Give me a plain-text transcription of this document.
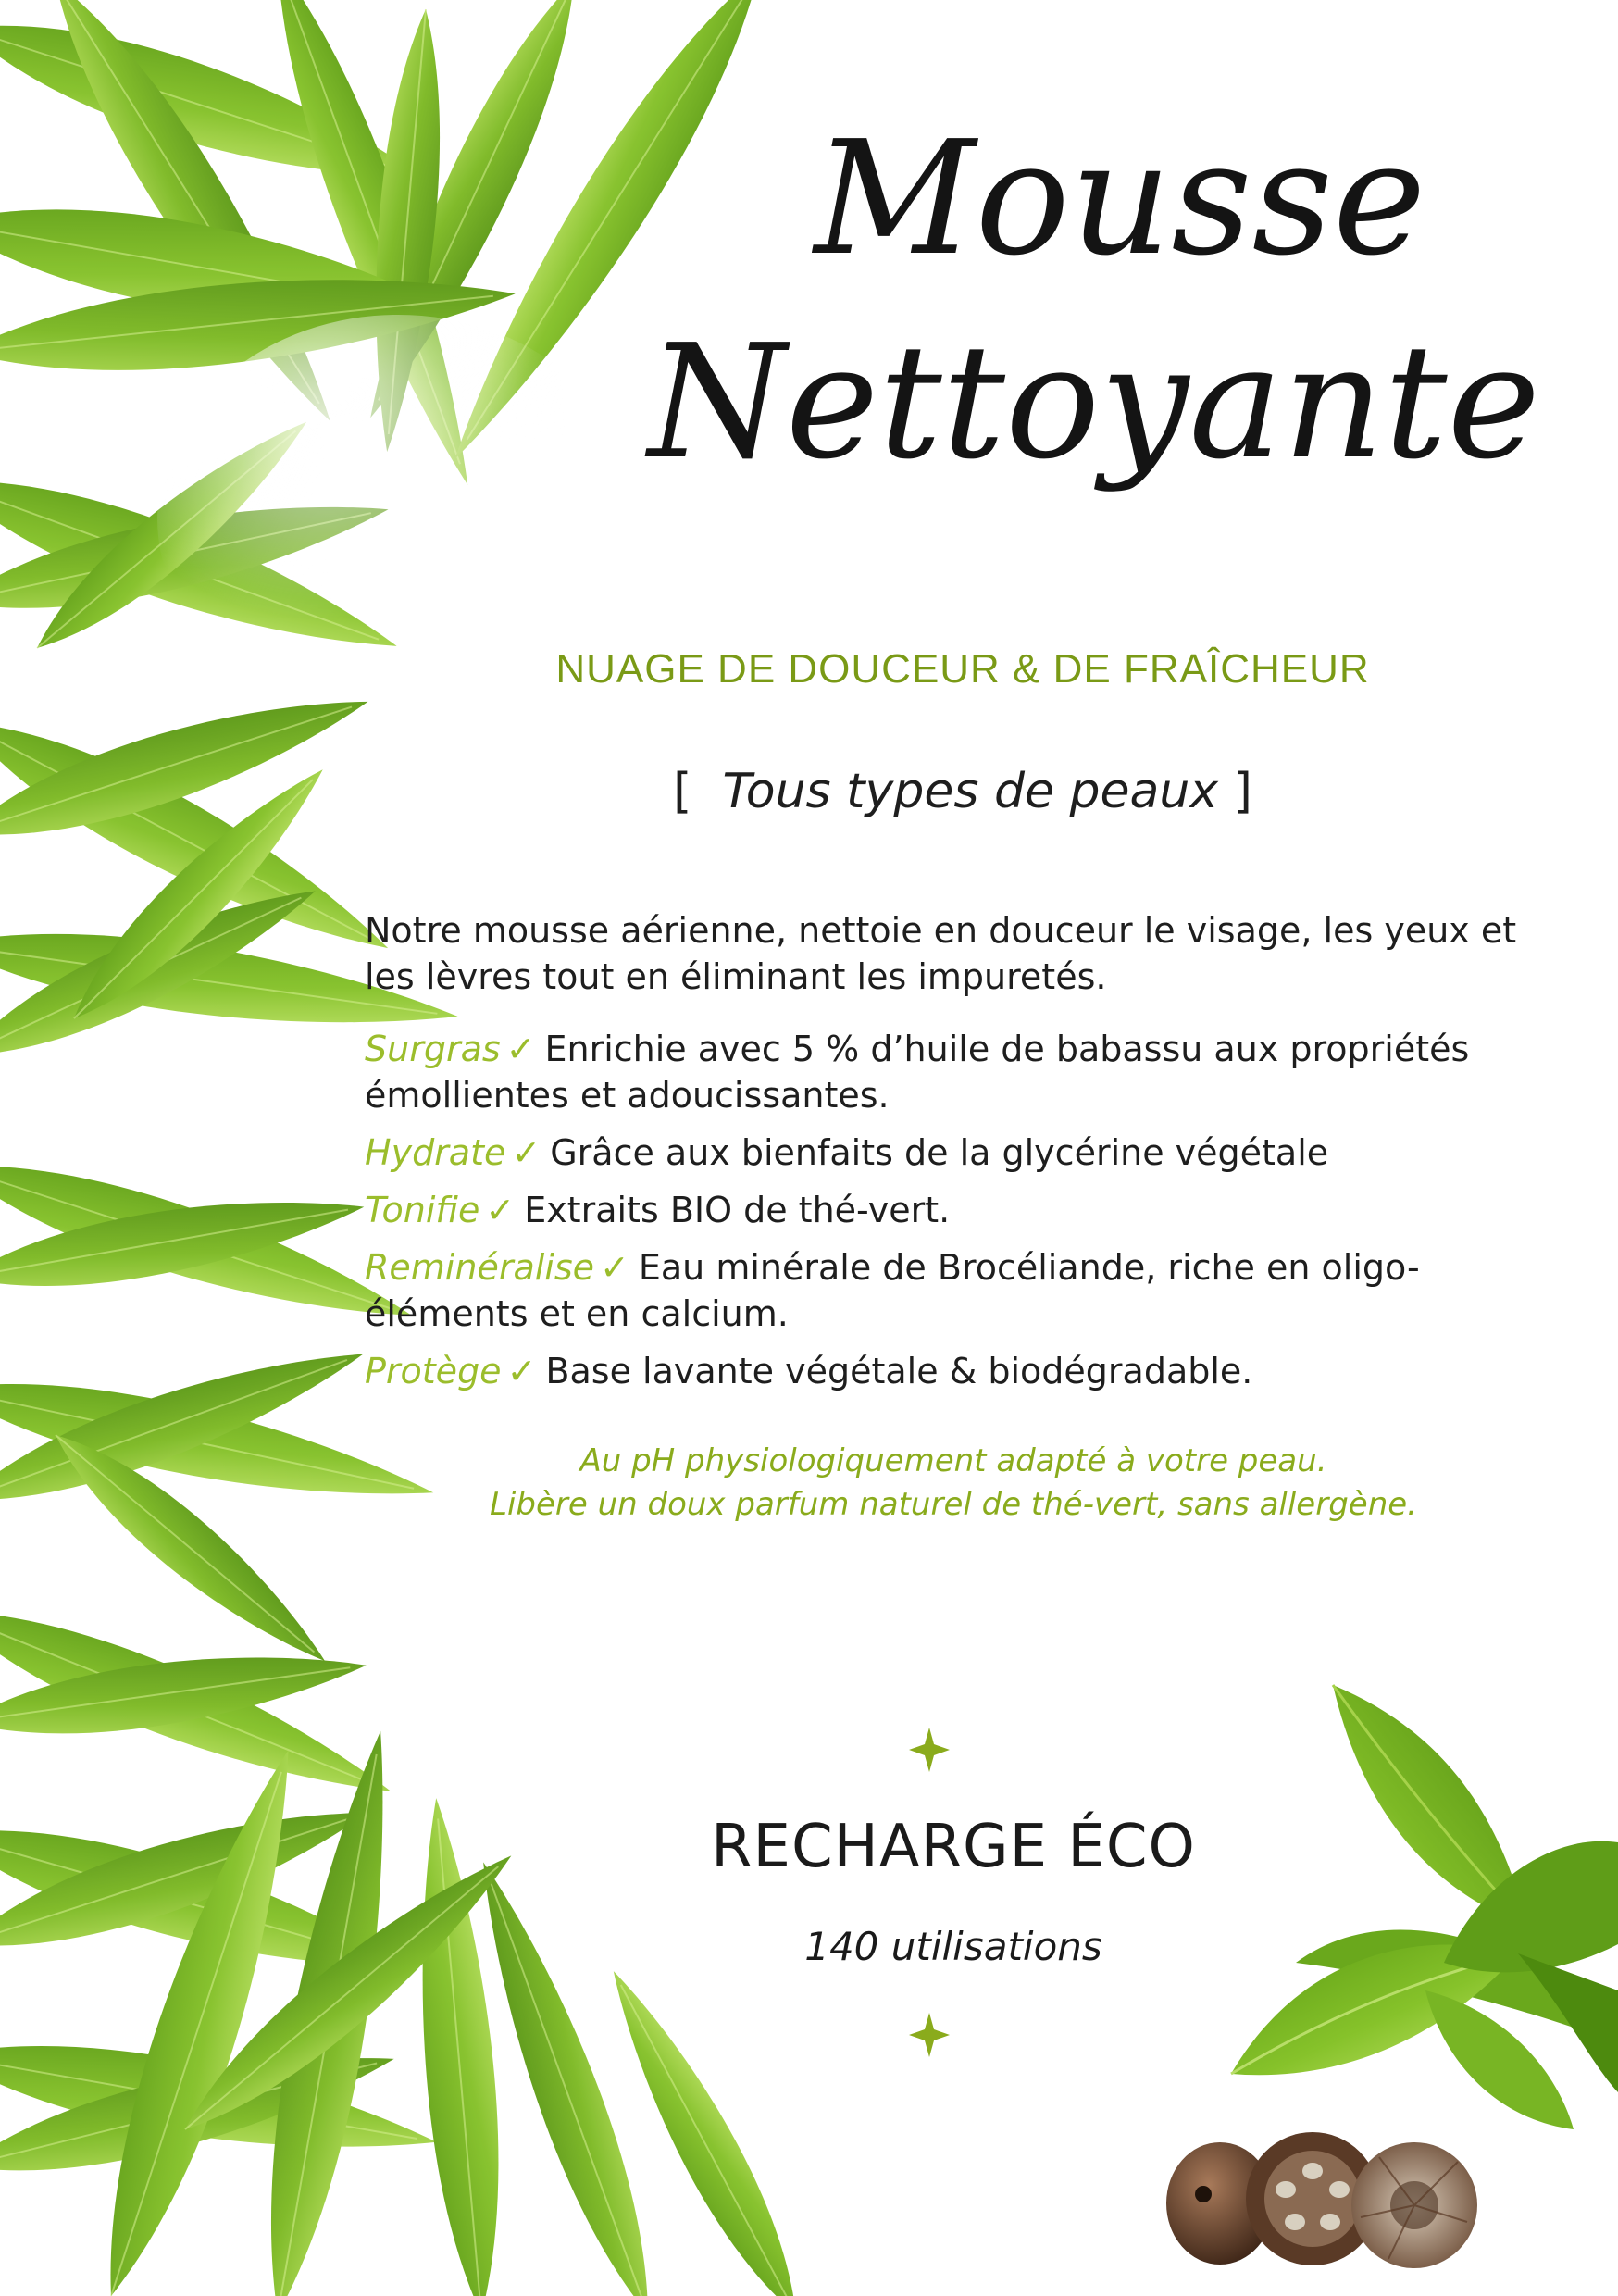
Mousse
Nettoyante
NUAGE DE DOUCEUR & DE FRAÎCHEUR
[ Tous types de peaux ]
Notre mousse aérienne, nettoie en douceur le visage, les yeux et les lèvres tout en éliminant les impuretés.
Surgras ✓ Enrichie avec 5 % d’huile de babassu aux propriétés émollientes et adoucissantes.
Hydrate ✓ Grâce aux bienfaits de la glycérine végétale
Tonifie ✓ Extraits BIO de thé-vert.
Reminéralise ✓ Eau minérale de Brocéliande, riche en oligo-éléments et en calcium.
Protège ✓ Base lavante végétale & biodégradable.
Au pH physiologiquement adapté à votre peau.
Libère un doux parfum naturel de thé-vert, sans allergène.
RECHARGE ÉCO
140 utilisations
